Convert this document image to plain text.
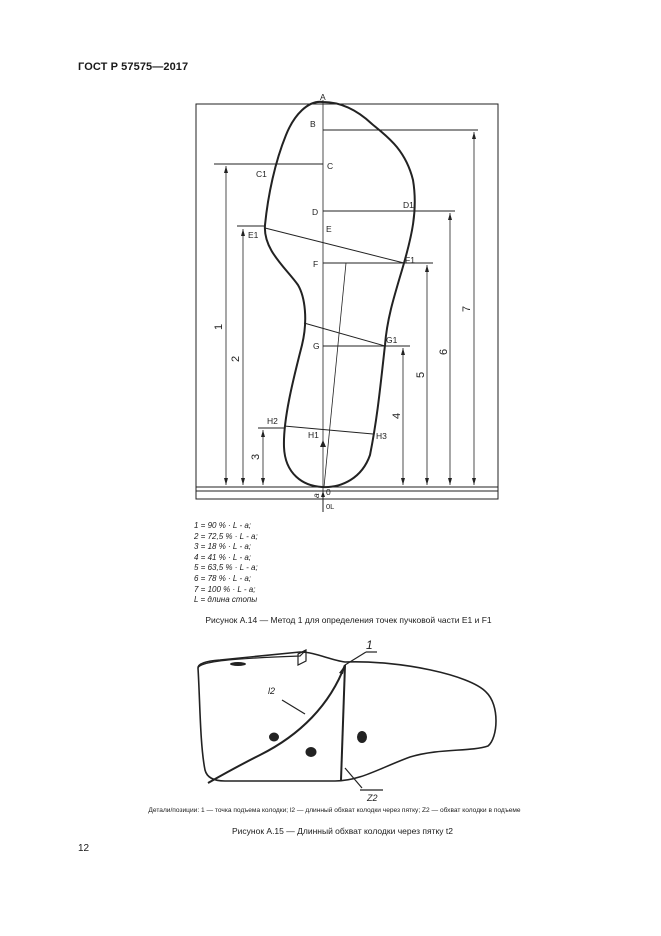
ГОСТ Р 57575—2017
A
B
C
C1
D
D1
E
E1
F	F1
G
G1
H2
H1	H3
0
a
0L
1
2
3
4
5
6
7
1
l2
Z2
1 = 90 % · L - a;
2 = 72,5 % · L - a;
3 = 18 % · L - a;
4 = 41 % · L - a;
5 = 63,5 % · L - a;
6 = 78 % · L - a;
7 = 100 % · L - a;
L = длина стопы
Рисунок А.14 — Метод 1 для определения точек пучковой части Е1 и F1
Детали/позиции: 1 — точка подъема колодки; l2 — длинный обхват колодки через пятку; Z2 — обхват колодки в подъеме
Рисунок А.15 — Длинный обхват колодки через пятку t2
12
